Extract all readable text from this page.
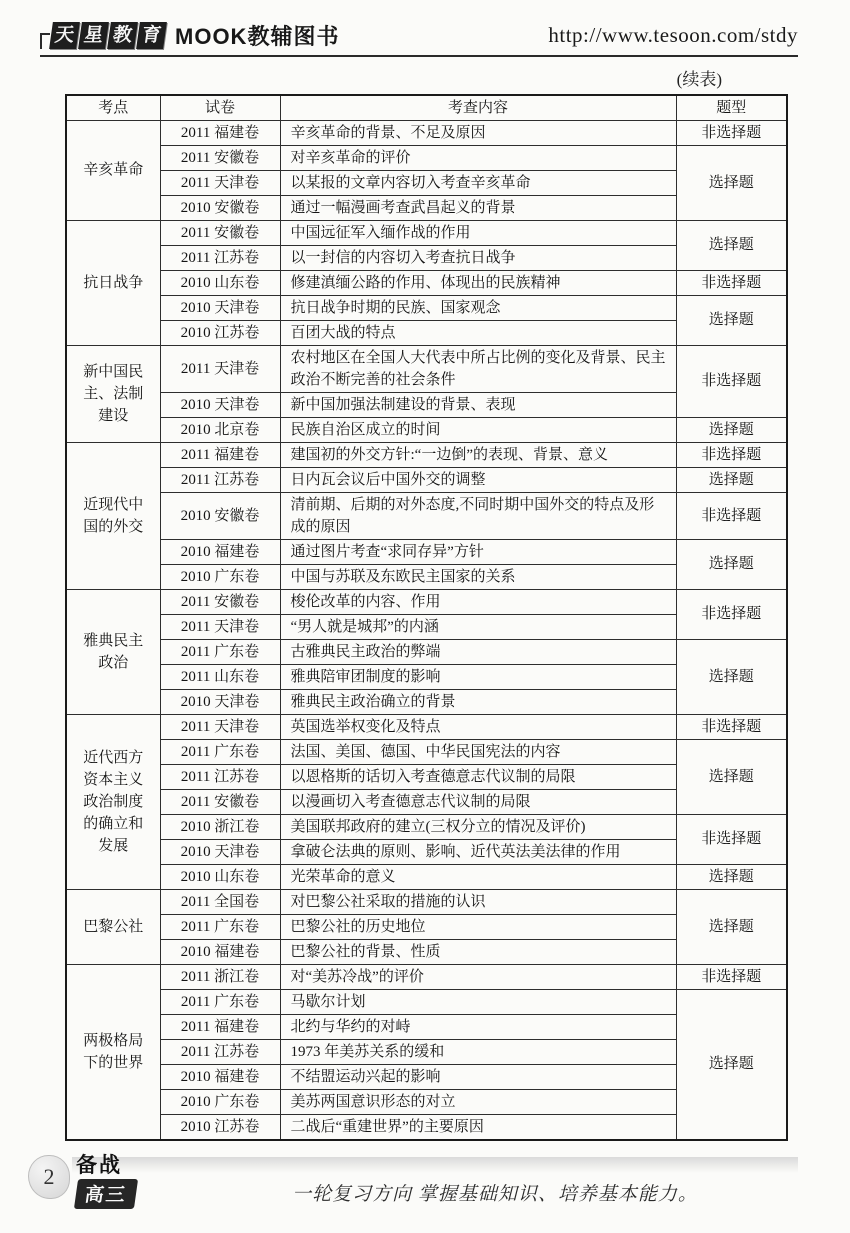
天 星 教 育 MOOK教辅图书	http://www.tesoon.com/stdy
(续表)
考点	试卷	考查内容	题型
辛亥革命	2011 福建卷	辛亥革命的背景、不足及原因	非选择题
	2011 安徽卷	对辛亥革命的评价	选择题
	2011 天津卷	以某报的文章内容切入考查辛亥革命	
	2010 安徽卷	通过一幅漫画考查武昌起义的背景	
抗日战争	2011 安徽卷	中国远征军入缅作战的作用	选择题
	2011 江苏卷	以一封信的内容切入考查抗日战争	
	2010 山东卷	修建滇缅公路的作用、体现出的民族精神	非选择题
	2010 天津卷	抗日战争时期的民族、国家观念	选择题
	2010 江苏卷	百团大战的特点	
新中国民主、法制建设	2011 天津卷	农村地区在全国人大代表中所占比例的变化及背景、民主政治不断完善的社会条件	非选择题
	2010 天津卷	新中国加强法制建设的背景、表现	
	2010 北京卷	民族自治区成立的时间	选择题
近现代中国的外交	2011 福建卷	建国初的外交方针:“一边倒”的表现、背景、意义	非选择题
	2011 江苏卷	日内瓦会议后中国外交的调整	选择题
	2010 安徽卷	清前期、后期的对外态度,不同时期中国外交的特点及形成的原因	非选择题
	2010 福建卷	通过图片考查“求同存异”方针	选择题
	2010 广东卷	中国与苏联及东欧民主国家的关系	
雅典民主政治	2011 安徽卷	梭伦改革的内容、作用	非选择题
	2011 天津卷	“男人就是城邦”的内涵	
	2011 广东卷	古雅典民主政治的弊端	选择题
	2011 山东卷	雅典陪审团制度的影响	
	2010 天津卷	雅典民主政治确立的背景	
近代西方资本主义政治制度的确立和发展	2011 天津卷	英国选举权变化及特点	非选择题
	2011 广东卷	法国、美国、德国、中华民国宪法的内容	选择题
	2011 江苏卷	以恩格斯的话切入考查德意志代议制的局限	
	2011 安徽卷	以漫画切入考查德意志代议制的局限	
	2010 浙江卷	美国联邦政府的建立(三权分立的情况及评价)	非选择题
	2010 天津卷	拿破仑法典的原则、影响、近代英法美法律的作用	
	2010 山东卷	光荣革命的意义	选择题
巴黎公社	2011 全国卷	对巴黎公社采取的措施的认识	选择题
	2011 广东卷	巴黎公社的历史地位	
	2010 福建卷	巴黎公社的背景、性质	
两极格局下的世界	2011 浙江卷	对“美苏冷战”的评价	非选择题
	2011 广东卷	马歇尔计划	选择题
	2011 福建卷	北约与华约的对峙	
	2011 江苏卷	1973 年美苏关系的缓和	
	2010 福建卷	不结盟运动兴起的影响	
	2010 广东卷	美苏两国意识形态的对立	
	2010 江苏卷	二战后“重建世界”的主要原因	
2	备战
高三	一轮复习方向 掌握基础知识、培养基本能力。
